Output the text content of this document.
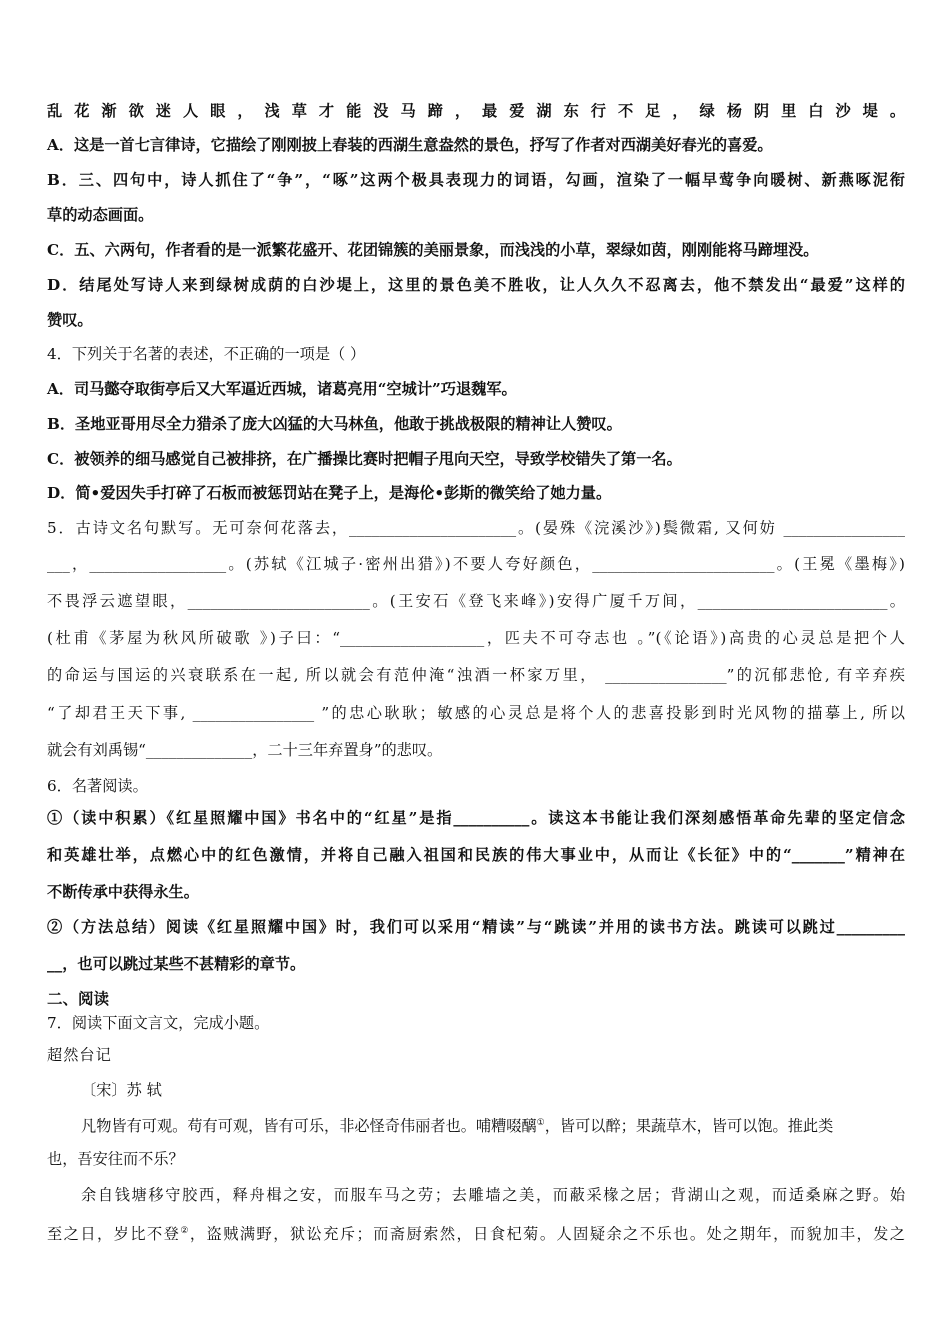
乱花渐欲迷人眼，浅草才能没马蹄，最爱湖东行不足，绿杨阴里白沙堤。
A．这是一首七言律诗，它描绘了刚刚披上春装的西湖生意盎然的景色，抒写了作者对西湖美好春光的喜爱。
B．三、四句中，诗人抓住了“争”，“啄”这两个极具表现力的词语，勾画，渲染了一幅早莺争向暖树、新燕啄泥衔
草的动态画面。
C．五、六两句，作者看的是一派繁花盛开、花团锦簇的美丽景象，而浅浅的小草，翠绿如茵，刚刚能将马蹄埋没。
D．结尾处写诗人来到绿树成荫的白沙堤上，这里的景色美不胜收，让人久久不忍离去，他不禁发出“最爱”这样的
赞叹。
4．下列关于名著的表述，不正确的一项是（ ）
A．司马懿夺取街亭后又大军逼近西城，诸葛亮用“空城计”巧退魏军。
B．圣地亚哥用尽全力猎杀了庞大凶猛的大马林鱼，他敢于挑战极限的精神让人赞叹。
C．被领养的细马感觉自己被排挤，在广播操比赛时把帽子甩向天空，导致学校错失了第一名。
D．简•爱因失手打碎了石板而被惩罚站在凳子上，是海伦•彭斯的微笑给了她力量。
5．古诗文名句默写。无可奈何花落去，______________________。(晏殊《浣溪沙》)鬓微霜, 又何妨 ________________
___，__________________。(苏轼《江城子·密州出猎》)不要人夸好颜色，________________________。(王冕《墨梅》)
不畏浮云遮望眼，________________________。(王安石《登飞来峰》)安得广厦千万间，_________________________。
(杜甫《茅屋为秋风所破歌 》)子曰：“___________________，匹夫不可夺志也 。”(《论语》)高贵的心灵总是把个人
的命运与国运的兴衰联系在一起, 所以就会有范仲淹“浊酒一杯家万里， ________________”的沉郁悲怆, 有辛弃疾
“了却君王天下事, ________________ ”的忠心耿耿；敏感的心灵总是将个人的悲喜投影到时光风物的描摹上, 所以
就会有刘禹锡“______________，二十三年弃置身”的悲叹。
6．名著阅读。
①（读中积累）《红星照耀中国》书名中的“红星”是指__________。读这本书能让我们深刻感悟革命先辈的坚定信念
和英雄壮举，点燃心中的红色激情，并将自己融入祖国和民族的伟大事业中，从而让《长征》中的“_______”精神在
不断传承中获得永生。
②（方法总结）阅读《红星照耀中国》时，我们可以采用“精读”与“跳读”并用的读书方法。跳读可以跳过_________
__，也可以跳过某些不甚精彩的章节。
二、阅读
7．阅读下面文言文，完成小题。
超然台记
〔宋〕苏 轼
凡物皆有可观。苟有可观，皆有可乐，非必怪奇伟丽者也。哺糟啜醨①，皆可以醉；果蔬草木，皆可以饱。推此类
也，吾安往而不乐？
余自钱塘移守胶西，释舟楫之安，而服车马之劳；去雕墙之美，而蔽采椽之居；背湖山之观，而适桑麻之野。始
至之日，岁比不登②，盗贼满野，狱讼充斥；而斋厨索然，日食杞菊。人固疑余之不乐也。处之期年，而貌加丰，发之
